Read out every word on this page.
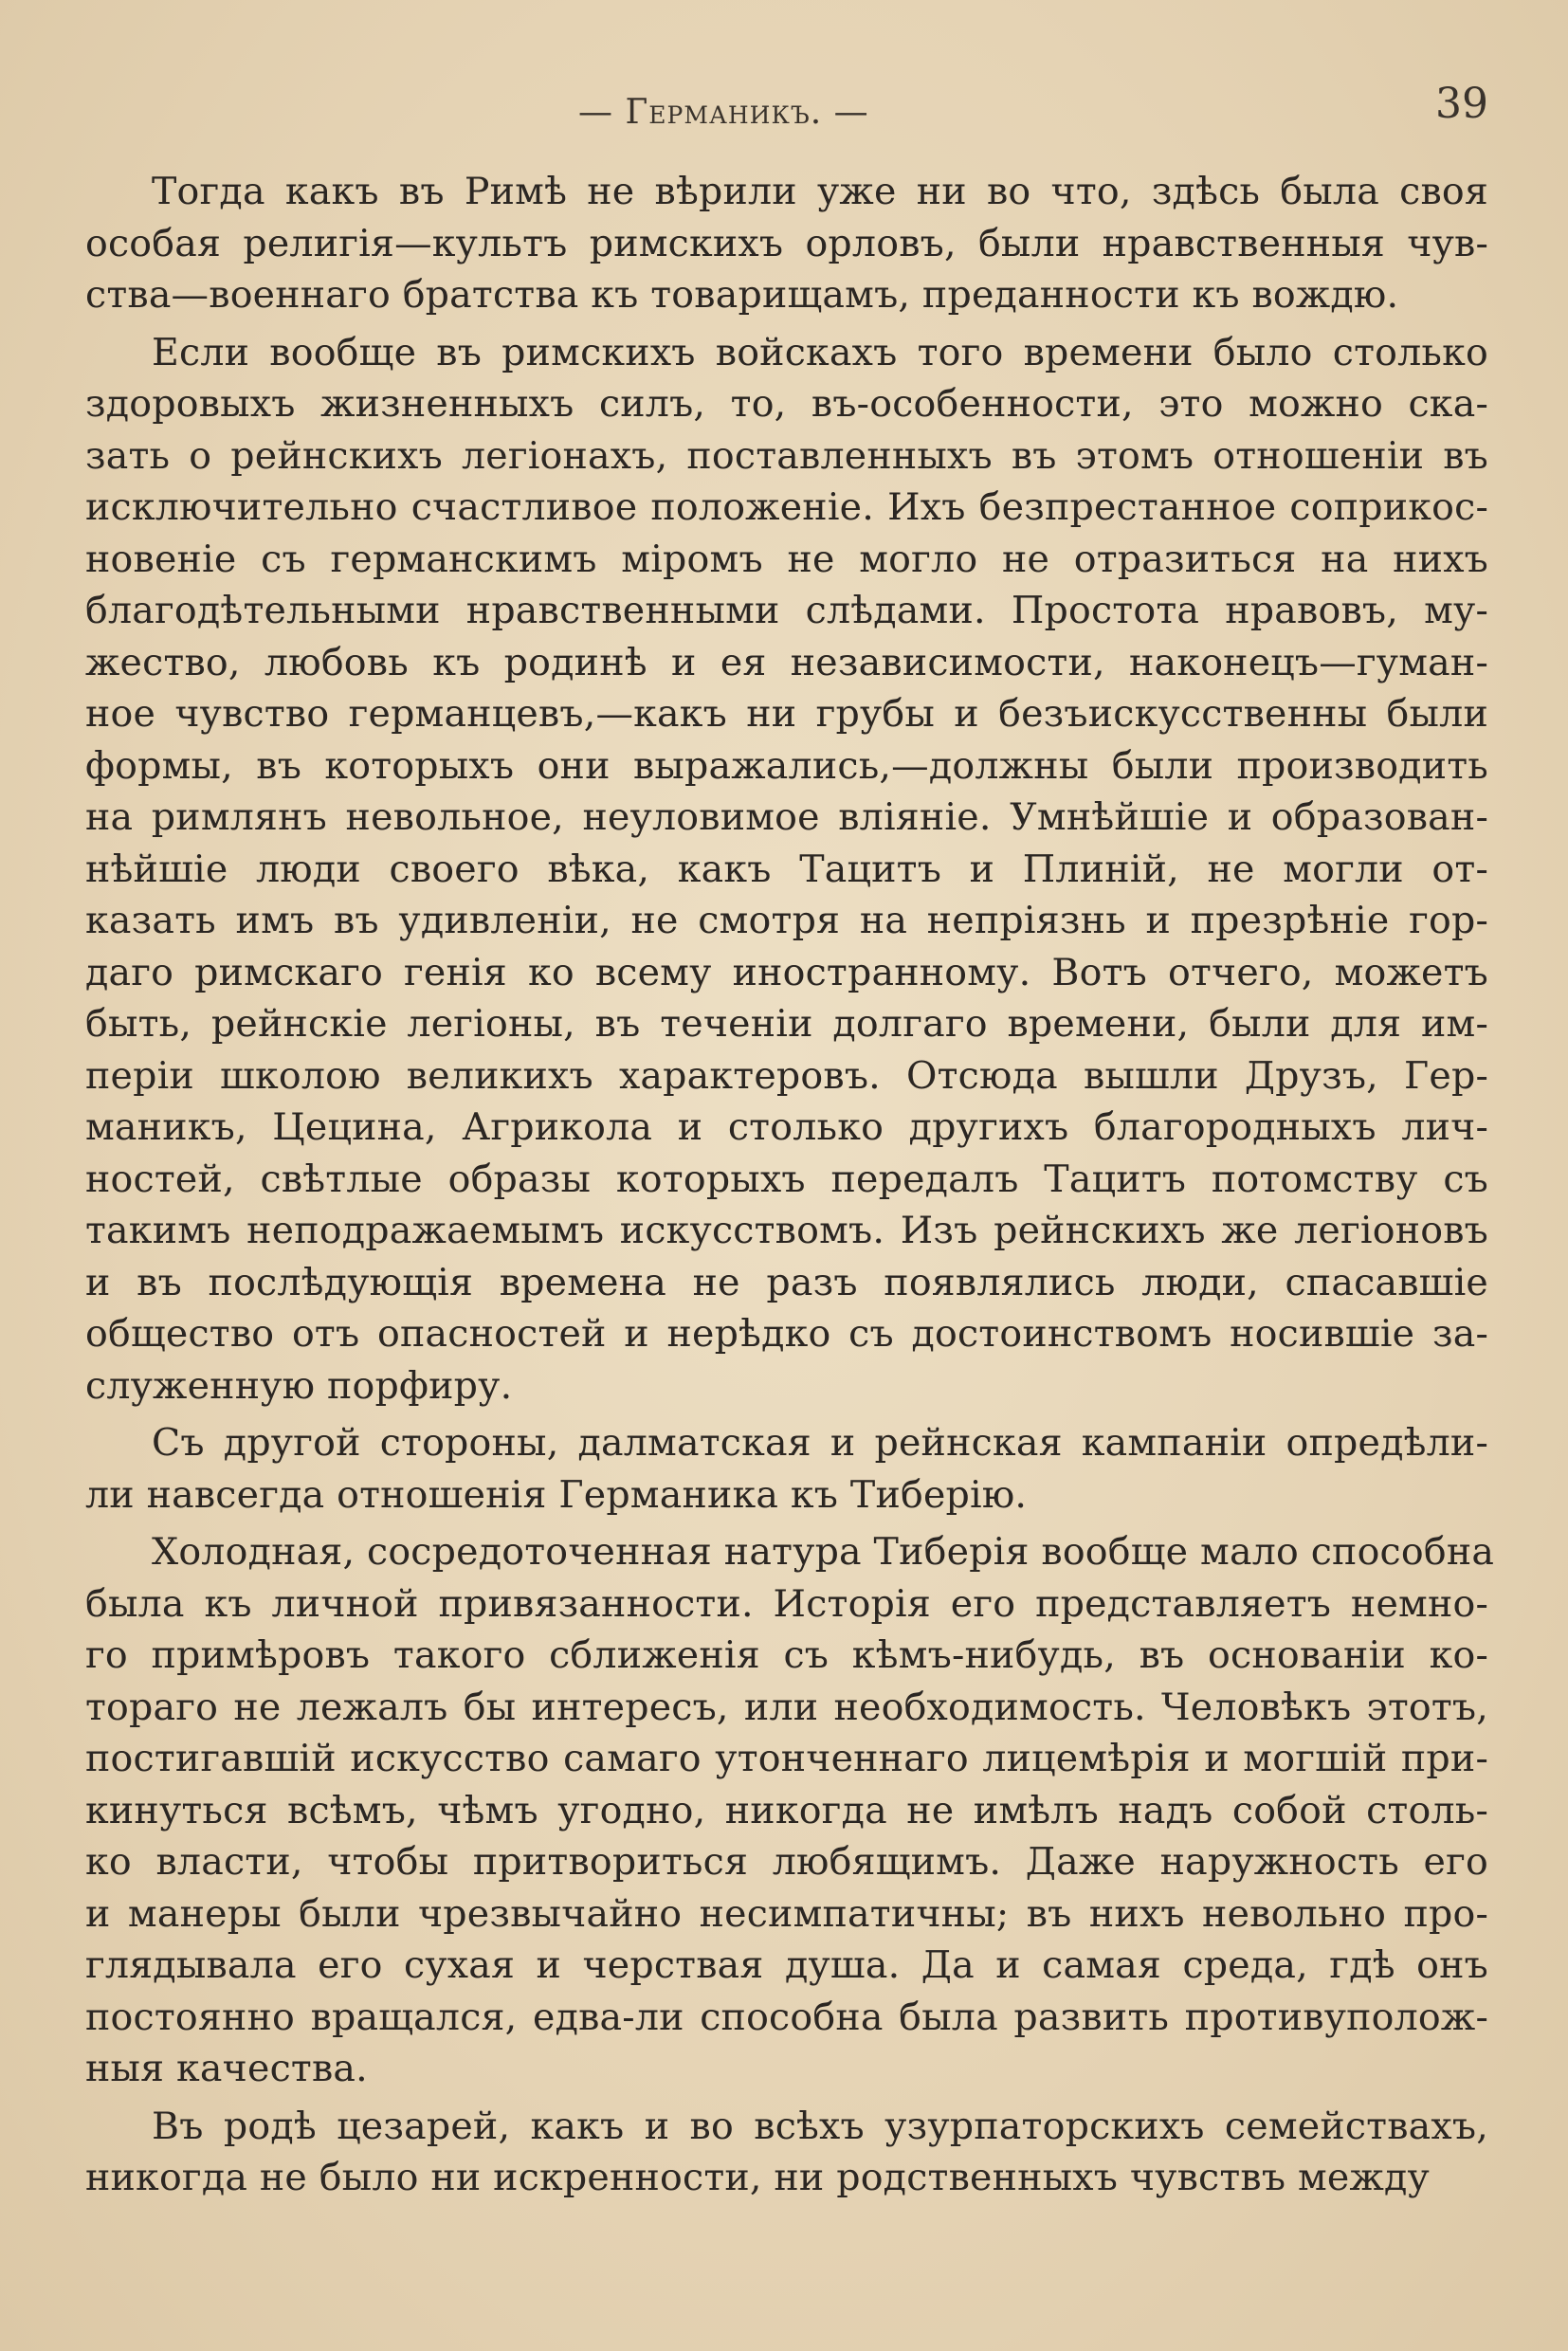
— Германикъ. —	39
Тогда какъ въ Римѣ не вѣрили уже ни во что, здѣсь была своя
особая религія—культъ римскихъ орловъ, были нравственныя чув-
ства—военнаго братства къ товарищамъ, преданности къ вождю.
Если вообще въ римскихъ войскахъ того времени было столько
здоровыхъ жизненныхъ силъ, то, въ-особенности, это можно ска-
зать о рейнскихъ легіонахъ, поставленныхъ въ этомъ отношеніи въ
исключительно счастливое положеніе. Ихъ безпрестанное соприкос-
новеніе съ германскимъ міромъ не могло не отразиться на нихъ
благодѣтельными нравственными слѣдами. Простота нравовъ, му-
жество, любовь къ родинѣ и ея независимости, наконецъ—гуман-
ное чувство германцевъ,—какъ ни грубы и безъискусственны были
формы, въ которыхъ они выражались,—должны были производить
на римлянъ невольное, неуловимое вліяніе. Умнѣйшіе и образован-
нѣйшіе люди своего вѣка, какъ Тацитъ и Плиній, не могли от-
казать имъ въ удивленіи, не смотря на непріязнь и презрѣніе гор-
даго римскаго генія ко всему иностранному. Вотъ отчего, можетъ
быть, рейнскіе легіоны, въ теченіи долгаго времени, были для им-
періи школою великихъ характеровъ. Отсюда вышли Друзъ, Гер-
маникъ, Цецина, Агрикола и столько другихъ благородныхъ лич-
ностей, свѣтлые образы которыхъ передалъ Тацитъ потомству съ
такимъ неподражаемымъ искусствомъ. Изъ рейнскихъ же легіоновъ
и въ послѣдующія времена не разъ появлялись люди, спасавшіе
общество отъ опасностей и нерѣдко съ достоинствомъ носившіе за-
служенную порфиру.
Съ другой стороны, далматская и рейнская кампаніи опредѣли-
ли навсегда отношенія Германика къ Тиберію.
Холодная, сосредоточенная натура Тиберія вообще мало способна
была къ личной привязанности. Исторія его представляетъ немно-
го примѣровъ такого сближенія съ кѣмъ-нибудь, въ основаніи ко-
тораго не лежалъ бы интересъ, или необходимость. Человѣкъ этотъ,
постигавшій искусство самаго утонченнаго лицемѣрія и могшій при-
кинуться всѣмъ, чѣмъ угодно, никогда не имѣлъ надъ собой столь-
ко власти, чтобы притвориться любящимъ. Даже наружность его
и манеры были чрезвычайно несимпатичны; въ нихъ невольно про-
глядывала его сухая и черствая душа. Да и самая среда, гдѣ онъ
постоянно вращался, едва-ли способна была развить противуполож-
ныя качества.
Въ родѣ цезарей, какъ и во всѣхъ узурпаторскихъ семействахъ,
никогда не было ни искренности, ни родственныхъ чувствъ между
